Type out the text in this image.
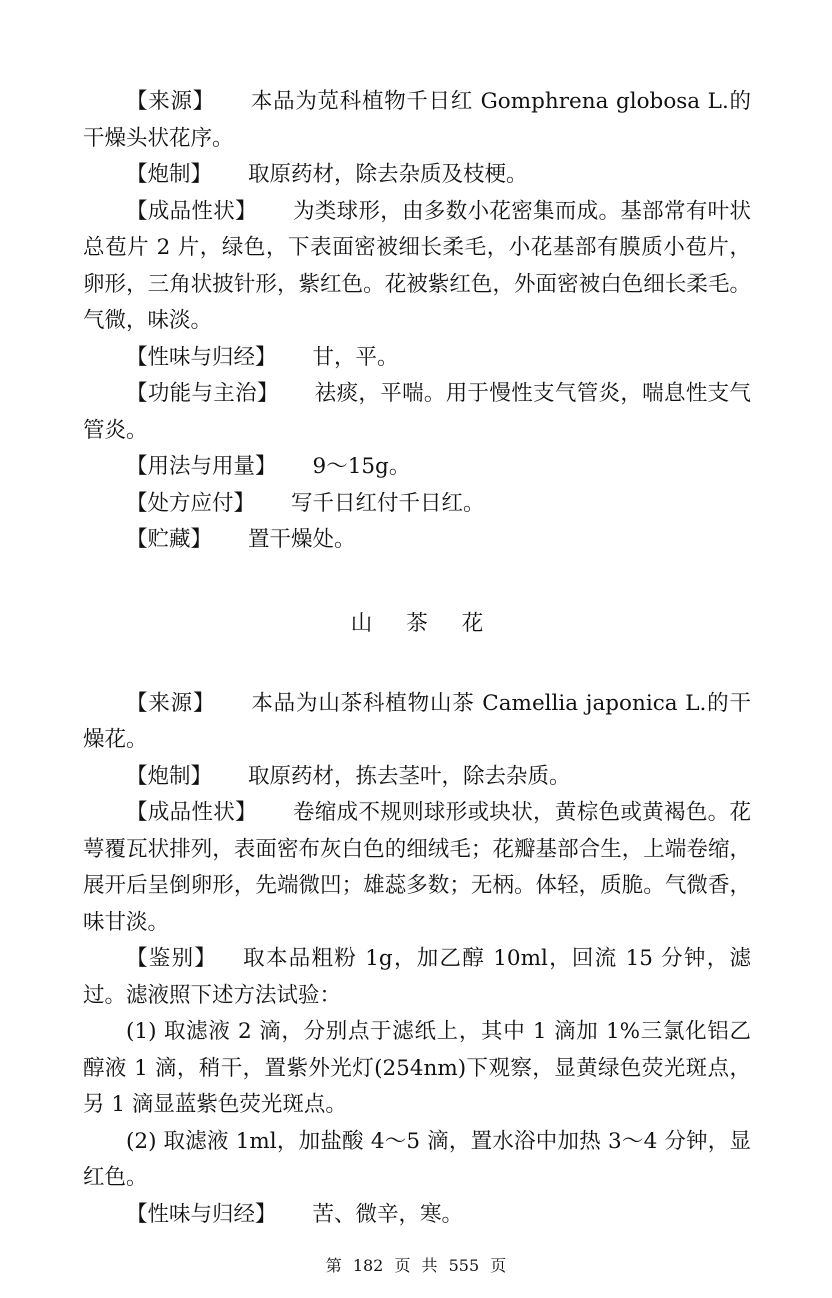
【来源】 本品为苋科植物千日红 Gomphrena globosa L.的干燥头状花序。

【炮制】 取原药材，除去杂质及枝梗。

【成品性状】 为类球形，由多数小花密集而成。基部常有叶状总苞片 2 片，绿色，下表面密被细长柔毛，小花基部有膜质小苞片，卵形，三角状披针形，紫红色。花被紫红色，外面密被白色细长柔毛。气微，味淡。

【性味与归经】 甘，平。

【功能与主治】 祛痰，平喘。用于慢性支气管炎，喘息性支气管炎。

【用法与用量】 9～15g。

【处方应付】 写千日红付千日红。

【贮藏】 置干燥处。

山茶花

【来源】 本品为山茶科植物山茶 Camellia japonica L.的干燥花。

【炮制】 取原药材，拣去茎叶，除去杂质。

【成品性状】 卷缩成不规则球形或块状，黄棕色或黄褐色。花萼覆瓦状排列，表面密布灰白色的细绒毛；花瓣基部合生，上端卷缩，展开后呈倒卵形，先端微凹；雄蕊多数；无柄。体轻，质脆。气微香，味甘淡。

【鉴别】 取本品粗粉 1g，加乙醇 10ml，回流 15 分钟，滤过。滤液照下述方法试验：

(1) 取滤液 2 滴，分别点于滤纸上，其中 1 滴加 1%三氯化铝乙醇液 1 滴，稍干，置紫外光灯(254nm)下观察，显黄绿色荧光斑点，另 1 滴显蓝紫色荧光斑点。

(2) 取滤液 1ml，加盐酸 4～5 滴，置水浴中加热 3～4 分钟，显红色。

【性味与归经】 苦、微辛，寒。

第 182 页 共 555 页
